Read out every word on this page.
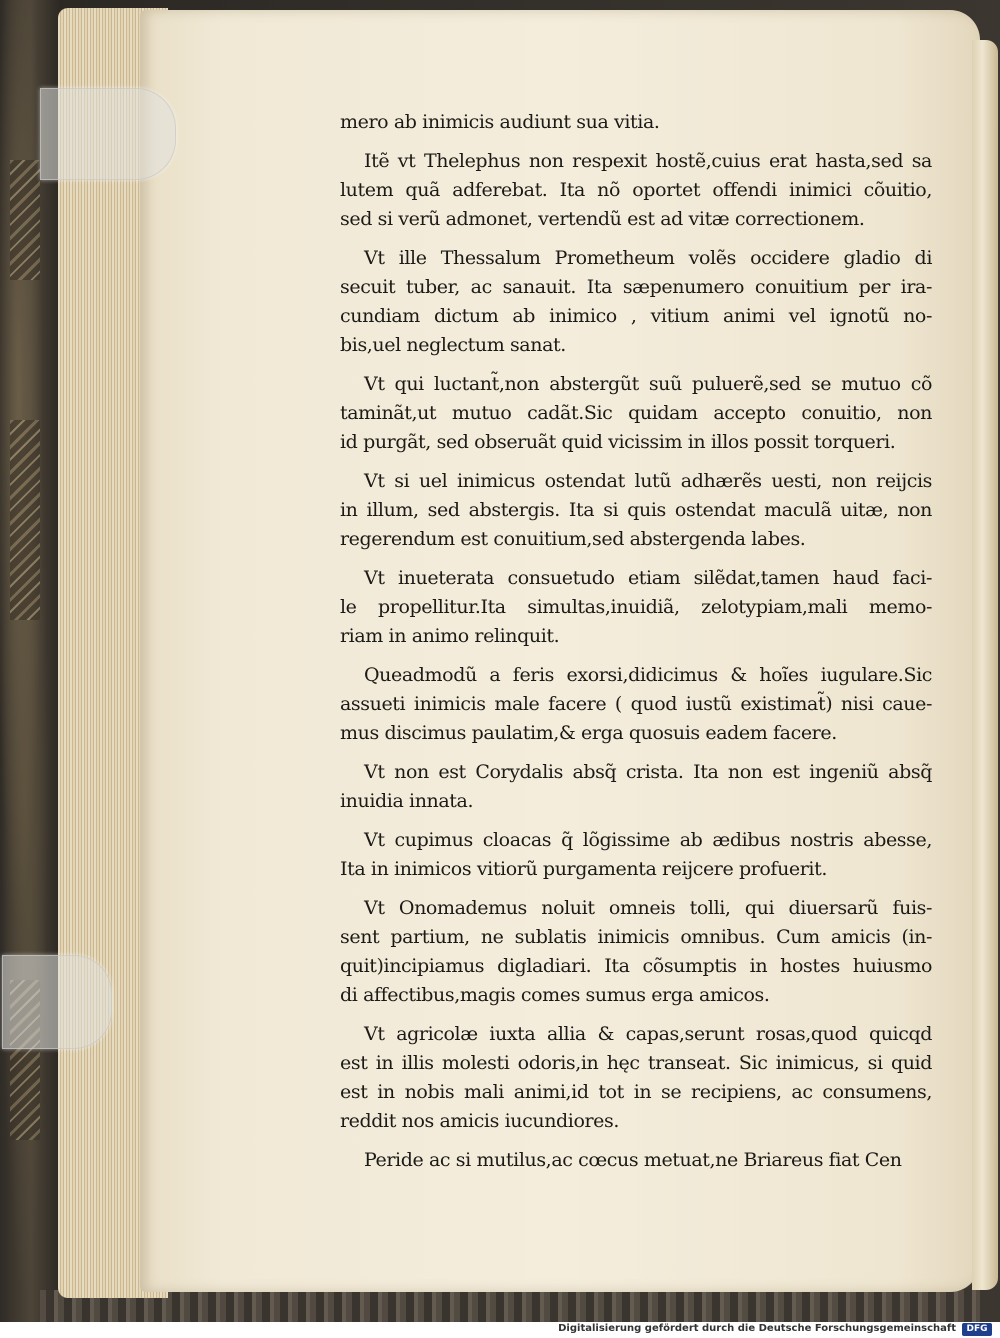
mero ab inimicis audiunt sua vitia.
Itẽ vt Thelephus non respexit hostẽ,cuius erat hasta,sed sa
lutem quã adferebat. Ita nõ oportet offendi inimici cõuitio,
sed si verũ admonet, vertendũ est ad vitæ correctionem.
Vt ille Thessalum Prometheum volẽs occidere gladio di
secuit tuber, ac sanauit. Ita sæpenumero conuitium per ira-
cundiam dictum ab inimico , vitium animi vel ignotũ no-
bis,uel neglectum sanat.
Vt qui luctant̃,non abstergũt suũ puluerẽ,sed se mutuo cõ
taminãt,ut mutuo cadãt.Sic quidam accepto conuitio, non
id purgãt, sed obseruãt quid vicissim in illos possit torqueri.
Vt si uel inimicus ostendat lutũ adhærẽs uesti, non reijcis
in illum, sed abstergis. Ita si quis ostendat maculã uitæ, non
regerendum est conuitium,sed abstergenda labes.
Vt inueterata consuetudo etiam silẽdat,tamen haud faci-
le propellitur.Ita simultas,inuidiã, zelotypiam,mali memo-
riam in animo relinquit.
Queadmodũ a feris exorsi,didicimus & hoĩes iugulare.Sic
assueti inimicis male facere ( quod iustũ existimat̃) nisi caue-
mus discimus paulatim,& erga quosuis eadem facere.
Vt non est Corydalis absq̃ crista. Ita non est ingeniũ absq̃
inuidia innata.
Vt cupimus cloacas q̃ lõgissime ab ædibus nostris abesse,
Ita in inimicos vitiorũ purgamenta reijcere profuerit.
Vt Onomademus noluit omneis tolli, qui diuersarũ fuis-
sent partium, ne sublatis inimicis omnibus. Cum amicis (in-
quit)incipiamus digladiari. Ita cõsumptis in hostes huiusmo
di affectibus,magis comes sumus erga amicos.
Vt agricolæ iuxta allia & capas,serunt rosas,quod quicqd
est in illis molesti odoris,in hęc transeat. Sic inimicus, si quid
est in nobis mali animi,id tot in se recipiens, ac consumens,
reddit nos amicis iucundiores.
Peride ac si mutilus,ac cœcus metuat,ne Briareus fiat Cen
Digitalisierung gefördert durch die Deutsche Forschungsgemeinschaft	DFG
